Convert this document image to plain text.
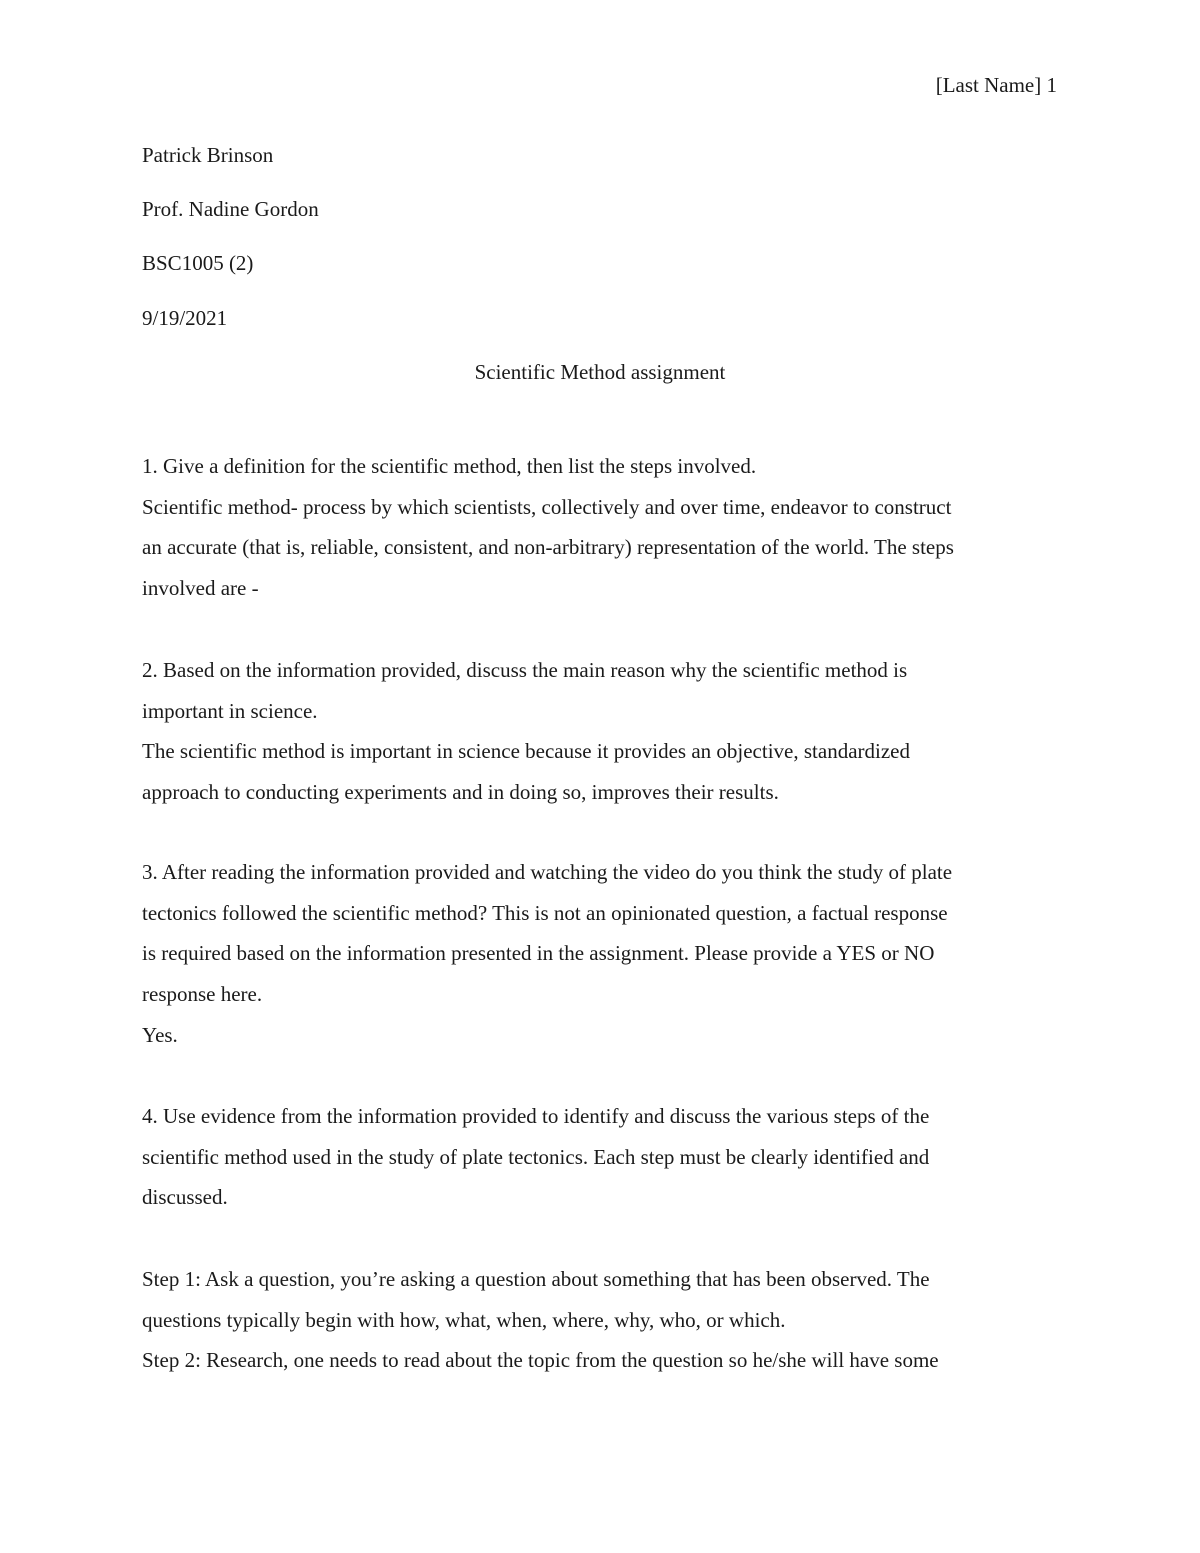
[Last Name] 1
Patrick Brinson
Prof. Nadine Gordon
BSC1005 (2)
9/19/2021
Scientific Method assignment

1. Give a definition for the scientific method, then list the steps involved.

Scientific method- process by which scientists, collectively and over time, endeavor to construct

an accurate (that is, reliable, consistent, and non-arbitrary) representation of the world. The steps

involved are -

2. Based on the information provided, discuss the main reason why the scientific method is

important in science.

The scientific method is important in science because it provides an objective, standardized

approach to conducting experiments and in doing so, improves their results.

3. After reading the information provided and watching the video do you think the study of plate

tectonics followed the scientific method? This is not an opinionated question, a factual response

is required based on the information presented in the assignment. Please provide a YES or NO

response here.

Yes.

4. Use evidence from the information provided to identify and discuss the various steps of the

scientific method used in the study of plate tectonics. Each step must be clearly identified and

discussed.

Step 1: Ask a question, you’re asking a question about something that has been observed. The

questions typically begin with how, what, when, where, why, who, or which.

Step 2: Research, one needs to read about the topic from the question so he/she will have some
